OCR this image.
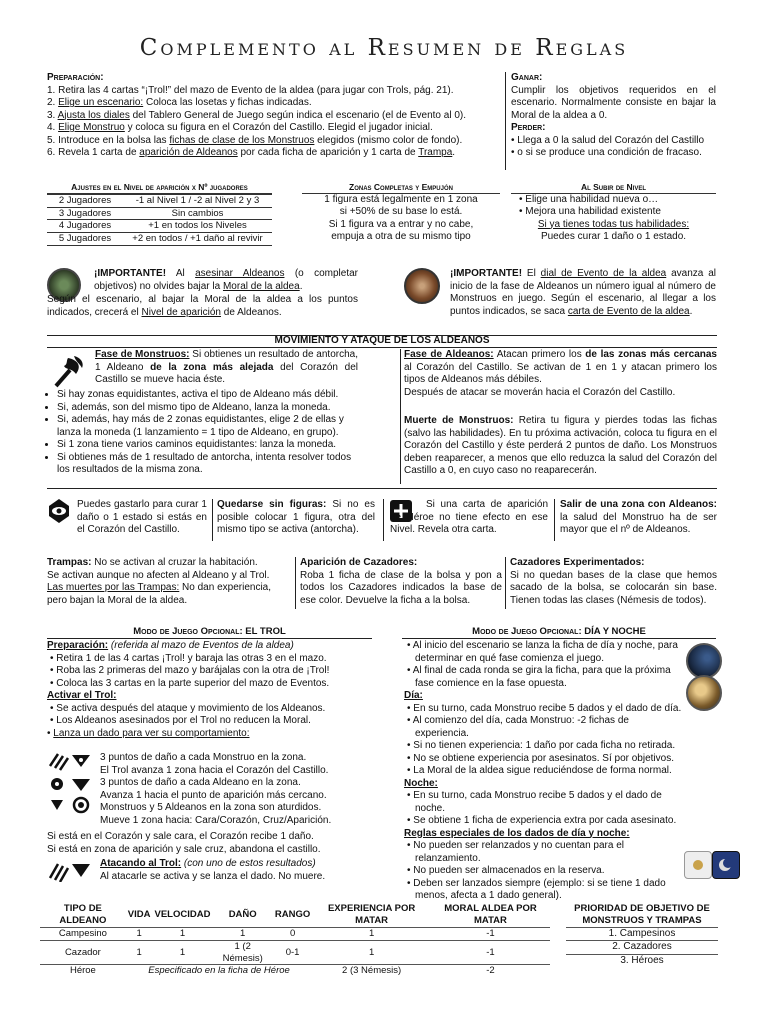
Complemento al Resumen de Reglas
Preparación:
1. Retira las 4 cartas “¡Trol!” del mazo de Evento de la aldea (para jugar con Trols, pág. 21).
2. Elige un escenario: Coloca las losetas y fichas indicadas.
3. Ajusta los diales del Tablero General de Juego según indica el escenario (el de Evento al 0).
4. Elige Monstruo y coloca su figura en el Corazón del Castillo. Elegid el jugador inicial.
5. Introduce en la bolsa las fichas de clase de los Monstruos elegidos (mismo color de fondo).
6. Revela 1 carta de aparición de Aldeanos por cada ficha de aparición y 1 carta de Trampa.
Ganar:
Cumplir los objetivos requeridos en el escenario. Normalmente consiste en bajar la Moral de la aldea a 0.
Perder:
• Llega a 0 la salud del Corazón del Castillo
• o si se produce una condición de fracaso.
Ajustes en el Nivel de aparición x Nº jugadores
2 Jugadores	-1 al Nivel 1 / -2 al Nivel 2 y 3
3 Jugadores	Sin cambios
4 Jugadores	+1 en todos los Niveles
5 Jugadores	+2 en todos / +1 daño al revivir
Zonas Completas y Empujón
1 figura está legalmente en 1 zona
si +50% de su base lo está.
Si 1 figura va a entrar y no cabe,
empuja a otra de su mismo tipo
Al Subir de Nivel
• Elige una habilidad nueva o…
• Mejora una habilidad existente
Si ya tienes todas tus habilidades:
Puedes curar 1 daño o 1 estado.
¡IMPORTANTE! Al asesinar Aldeanos (o completar objetivos) no olvides bajar la Moral de la aldea.
Según el escenario, al bajar la Moral de la aldea a los puntos indicados, crecerá el Nivel de aparición de Aldeanos.
¡IMPORTANTE! El dial de Evento de la aldea avanza al inicio de la fase de Aldeanos un número igual al número de Monstruos en juego. Según el escenario, al llegar a los puntos indicados, se saca carta de Evento de la aldea.
MOVIMIENTO Y ATAQUE DE LOS ALDEANOS
Fase de Monstruos: Si obtienes un resultado de antorcha, 1 Aldeano de la zona más alejada del Corazón del Castillo se mueve hacia éste.
• Si hay zonas equidistantes, activa el tipo de Aldeano más débil.
• Si, además, son del mismo tipo de Aldeano, lanza la moneda.
• Si, además, hay más de 2 zonas equidistantes, elige 2 de ellas y lanza la moneda (1 lanzamiento = 1 tipo de Aldeano, en grupo).
• Si 1 zona tiene varios caminos equidistantes: lanza la moneda.
• Si obtienes más de 1 resultado de antorcha, intenta resolver todos los resultados de la misma zona.
Fase de Aldeanos: Atacan primero los de las zonas más cercanas al Corazón del Castillo. Se activan de 1 en 1 y atacan primero los tipos de Aldeanos más débiles.
Después de atacar se moverán hacia el Corazón del Castillo.
Muerte de Monstruos: Retira tu figura y pierdes todas las fichas (salvo las habilidades). En tu próxima activación, coloca tu figura en el Corazón del Castillo y éste perderá 2 puntos de daño. Los Monstruos deben reaparecer, a menos que ello reduzca la salud del Corazón del Castillo a 0, en cuyo caso no reaparecerán.
Puedes gastarlo para curar 1 daño o 1 estado si estás en el Corazón del Castillo.
Quedarse sin figuras: Si no es posible colocar 1 figura, otra del mismo tipo se activa (antorcha).
Si una carta de aparición de Héroe no tiene efecto en ese Nivel. Revela otra carta.
Salir de una zona con Aldeanos: la salud del Monstruo ha de ser mayor que el nº de Aldeanos.
Trampas: No se activan al cruzar la habitación.
Se activan aunque no afecten al Aldeano y al Trol.
Las muertes por las Trampas: No dan experiencia, pero bajan la Moral de la aldea.
Aparición de Cazadores:
Roba 1 ficha de clase de la bolsa y pon a todos los Cazadores indicados la base de ese color. Devuelve la ficha a la bolsa.
Cazadores Experimentados:
Si no quedan bases de la clase que hemos sacado de la bolsa, se colocarán sin base. Tienen todas las clases (Némesis de todos).
Modo de Juego Opcional: EL TROL
Preparación: (referida al mazo de Eventos de la aldea)
• Retira 1 de las 4 cartas ¡Trol! y baraja las otras 3 en el mazo.
• Roba las 2 primeras del mazo y barájalas con la otra de ¡Trol!
• Coloca las 3 cartas en la parte superior del mazo de Eventos.
Activar el Trol:
• Se activa después del ataque y movimiento de los Aldeanos.
• Los Aldeanos asesinados por el Trol no reducen la Moral.
• Lanza un dado para ver su comportamiento:
3 puntos de daño a cada Monstruo en la zona.
El Trol avanza 1 zona hacia el Corazón del Castillo.
3 puntos de daño a cada Aldeano en la zona.
Avanza 1 hacia el punto de aparición más cercano.
Monstruos y 5 Aldeanos en la zona son aturdidos.
Mueve 1 zona hacia: Cara/Corazón, Cruz/Aparición.
Si está en el Corazón y sale cara, el Corazón recibe 1 daño.
Si está en zona de aparición y sale cruz, abandona el castillo.
Atacando al Trol: (con uno de estos resultados)
Al atacarle se activa y se lanza el dado. No muere.
Modo de Juego Opcional: DÍA Y NOCHE
• Al inicio del escenario se lanza la ficha de día y noche, para determinar en qué fase comienza el juego.
• Al final de cada ronda se gira la ficha, para que la próxima fase comience en la fase opuesta.
Día:
• En su turno, cada Monstruo recibe 5 dados y el dado de día.
• Al comienzo del día, cada Monstruo: -2 fichas de experiencia.
• Si no tienen experiencia: 1 daño por cada ficha no retirada.
• No se obtiene experiencia por asesinatos. Sí por objetivos.
• La Moral de la aldea sigue reduciéndose de forma normal.
Noche:
• En su turno, cada Monstruo recibe 5 dados y el dado de noche.
• Se obtiene 1 ficha de experiencia extra por cada asesinato.
Reglas especiales de los dados de día y noche:
• No pueden ser relanzados y no cuentan para el relanzamiento.
• No pueden ser almacenados en la reserva.
• Deben ser lanzados siempre (ejemplo: si se tiene 1 dado menos, afecta a 1 dado general).
TIPO DE ALDEANO	VIDA	VELOCIDAD	DAÑO	RANGO	EXPERIENCIA POR MATAR	MORAL ALDEA POR MATAR
Campesino	1	1	1	0	1	-1
Cazador	1	1	1 (2 Némesis)	0-1	1	-1
Héroe	Especificado en la ficha de Héroe				2 (3 Némesis)	-2
PRIORIDAD DE OBJETIVO DE MONSTRUOS Y TRAMPAS
1. Campesinos
2. Cazadores
3. Héroes
